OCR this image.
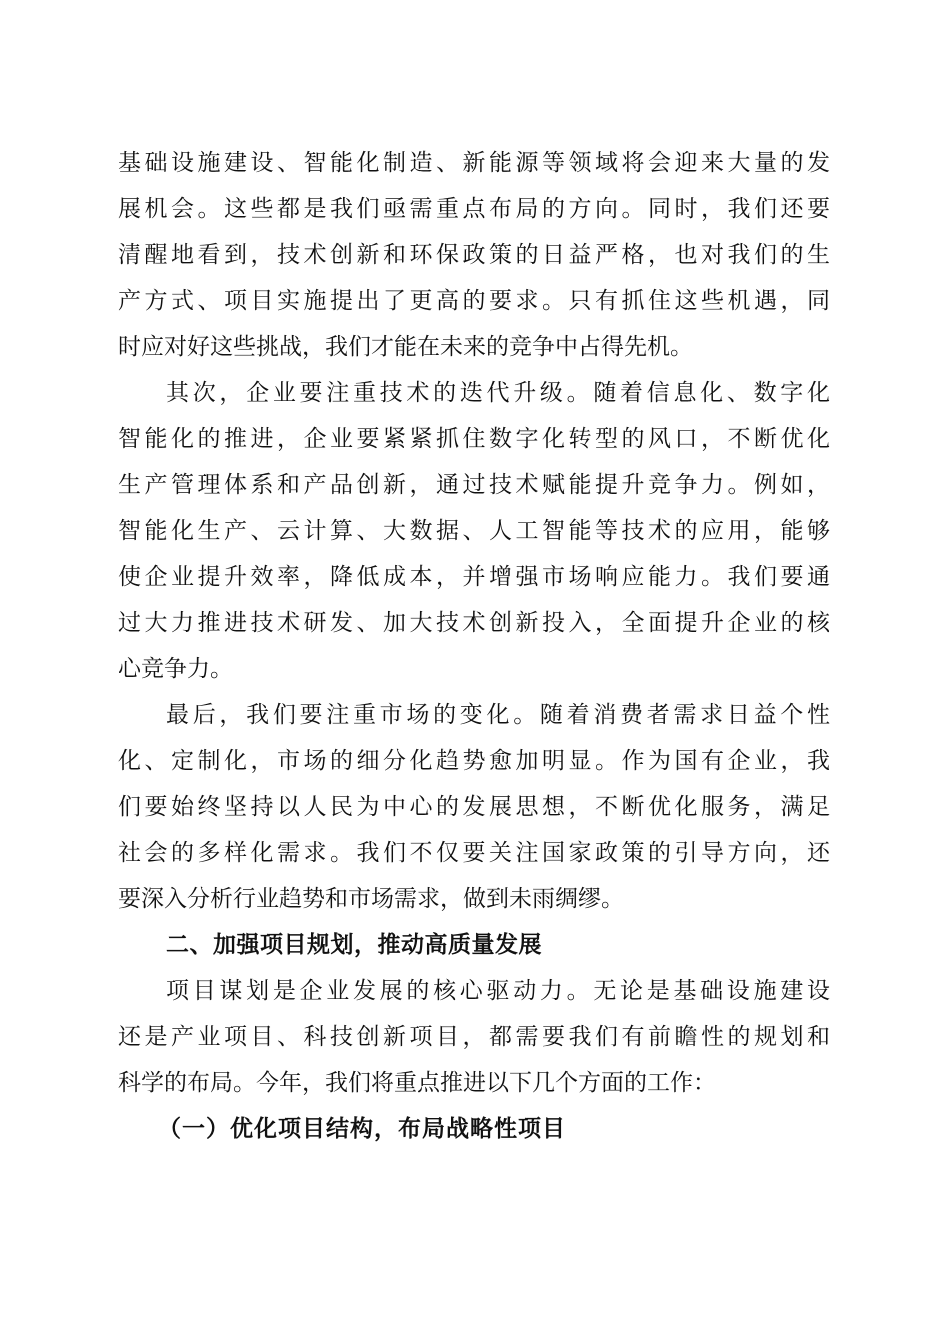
基础设施建设、智能化制造、新能源等领域将会迎来大量的发
展机会。这些都是我们亟需重点布局的方向。同时，我们还要
清醒地看到，技术创新和环保政策的日益严格，也对我们的生
产方式、项目实施提出了更高的要求。只有抓住这些机遇，同
时应对好这些挑战，我们才能在未来的竞争中占得先机。
其次，企业要注重技术的迭代升级。随着信息化、数字化
智能化的推进，企业要紧紧抓住数字化转型的风口，不断优化
生产管理体系和产品创新，通过技术赋能提升竞争力。例如，
智能化生产、云计算、大数据、人工智能等技术的应用，能够
使企业提升效率，降低成本，并增强市场响应能力。我们要通
过大力推进技术研发、加大技术创新投入，全面提升企业的核
心竞争力。
最后，我们要注重市场的变化。随着消费者需求日益个性
化、定制化，市场的细分化趋势愈加明显。作为国有企业，我
们要始终坚持以人民为中心的发展思想，不断优化服务，满足
社会的多样化需求。我们不仅要关注国家政策的引导方向，还
要深入分析行业趋势和市场需求，做到未雨绸缪。
二、加强项目规划，推动高质量发展
项目谋划是企业发展的核心驱动力。无论是基础设施建设
还是产业项目、科技创新项目，都需要我们有前瞻性的规划和
科学的布局。今年，我们将重点推进以下几个方面的工作：
（一）优化项目结构，布局战略性项目
